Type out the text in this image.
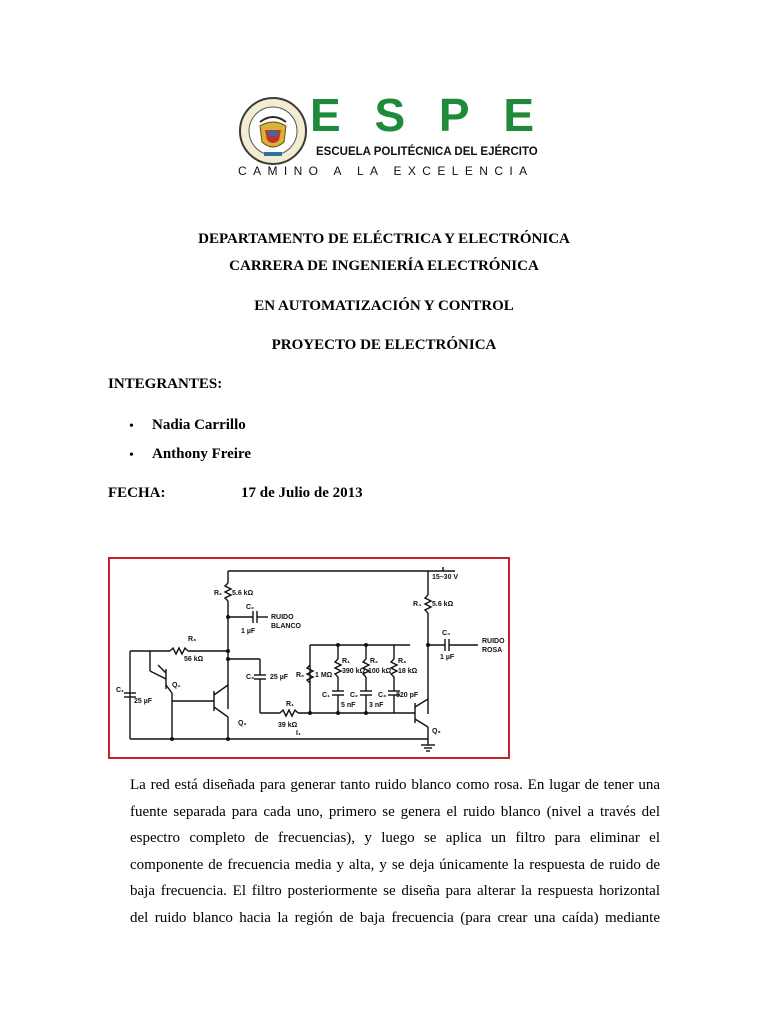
E S P E
ESCUELA POLITÉCNICA DEL EJÉRCITO
CAMINO A LA EXCELENCIA
DEPARTAMENTO DE ELÉCTRICA Y ELECTRÓNICA
CARRERA DE INGENIERÍA ELECTRÓNICA
EN AUTOMATIZACIÓN Y CONTROL
PROYECTO DE ELECTRÓNICA
INTEGRANTES:
• Nadia Carrillo
• Anthony Freire
FECHA:	17 de Julio de 2013
15–30 V
R₂ 5.6 kΩ
C₂
1 µF
RUIDO
BLANCO
R₄ 5.6 kΩ
R₃
56 kΩ
C₁
25 µF
Q₁
Q₂
C₃ 25 µF
R₁
39 kΩ
I₁
R₆ 1 MΩ
R₁
390 kΩ
R₂
100 kΩ
R₃
18 kΩ
C₁
5 nF
C₂
3 nF
C₃ 820 pF
Q₃
C₄
1 µF
RUIDO
ROSA
La red está diseñada para generar tanto ruido blanco como rosa. En lugar de tener una
fuente separada para cada uno, primero se genera el ruido blanco (nivel a través del
espectro completo de frecuencias), y luego se aplica un filtro para eliminar el
componente de frecuencia media y alta, y se deja únicamente la respuesta de ruido de
baja frecuencia. El filtro posteriormente se diseña para alterar la respuesta horizontal
del ruido blanco hacia la región de baja frecuencia (para crear una caída) mediante
